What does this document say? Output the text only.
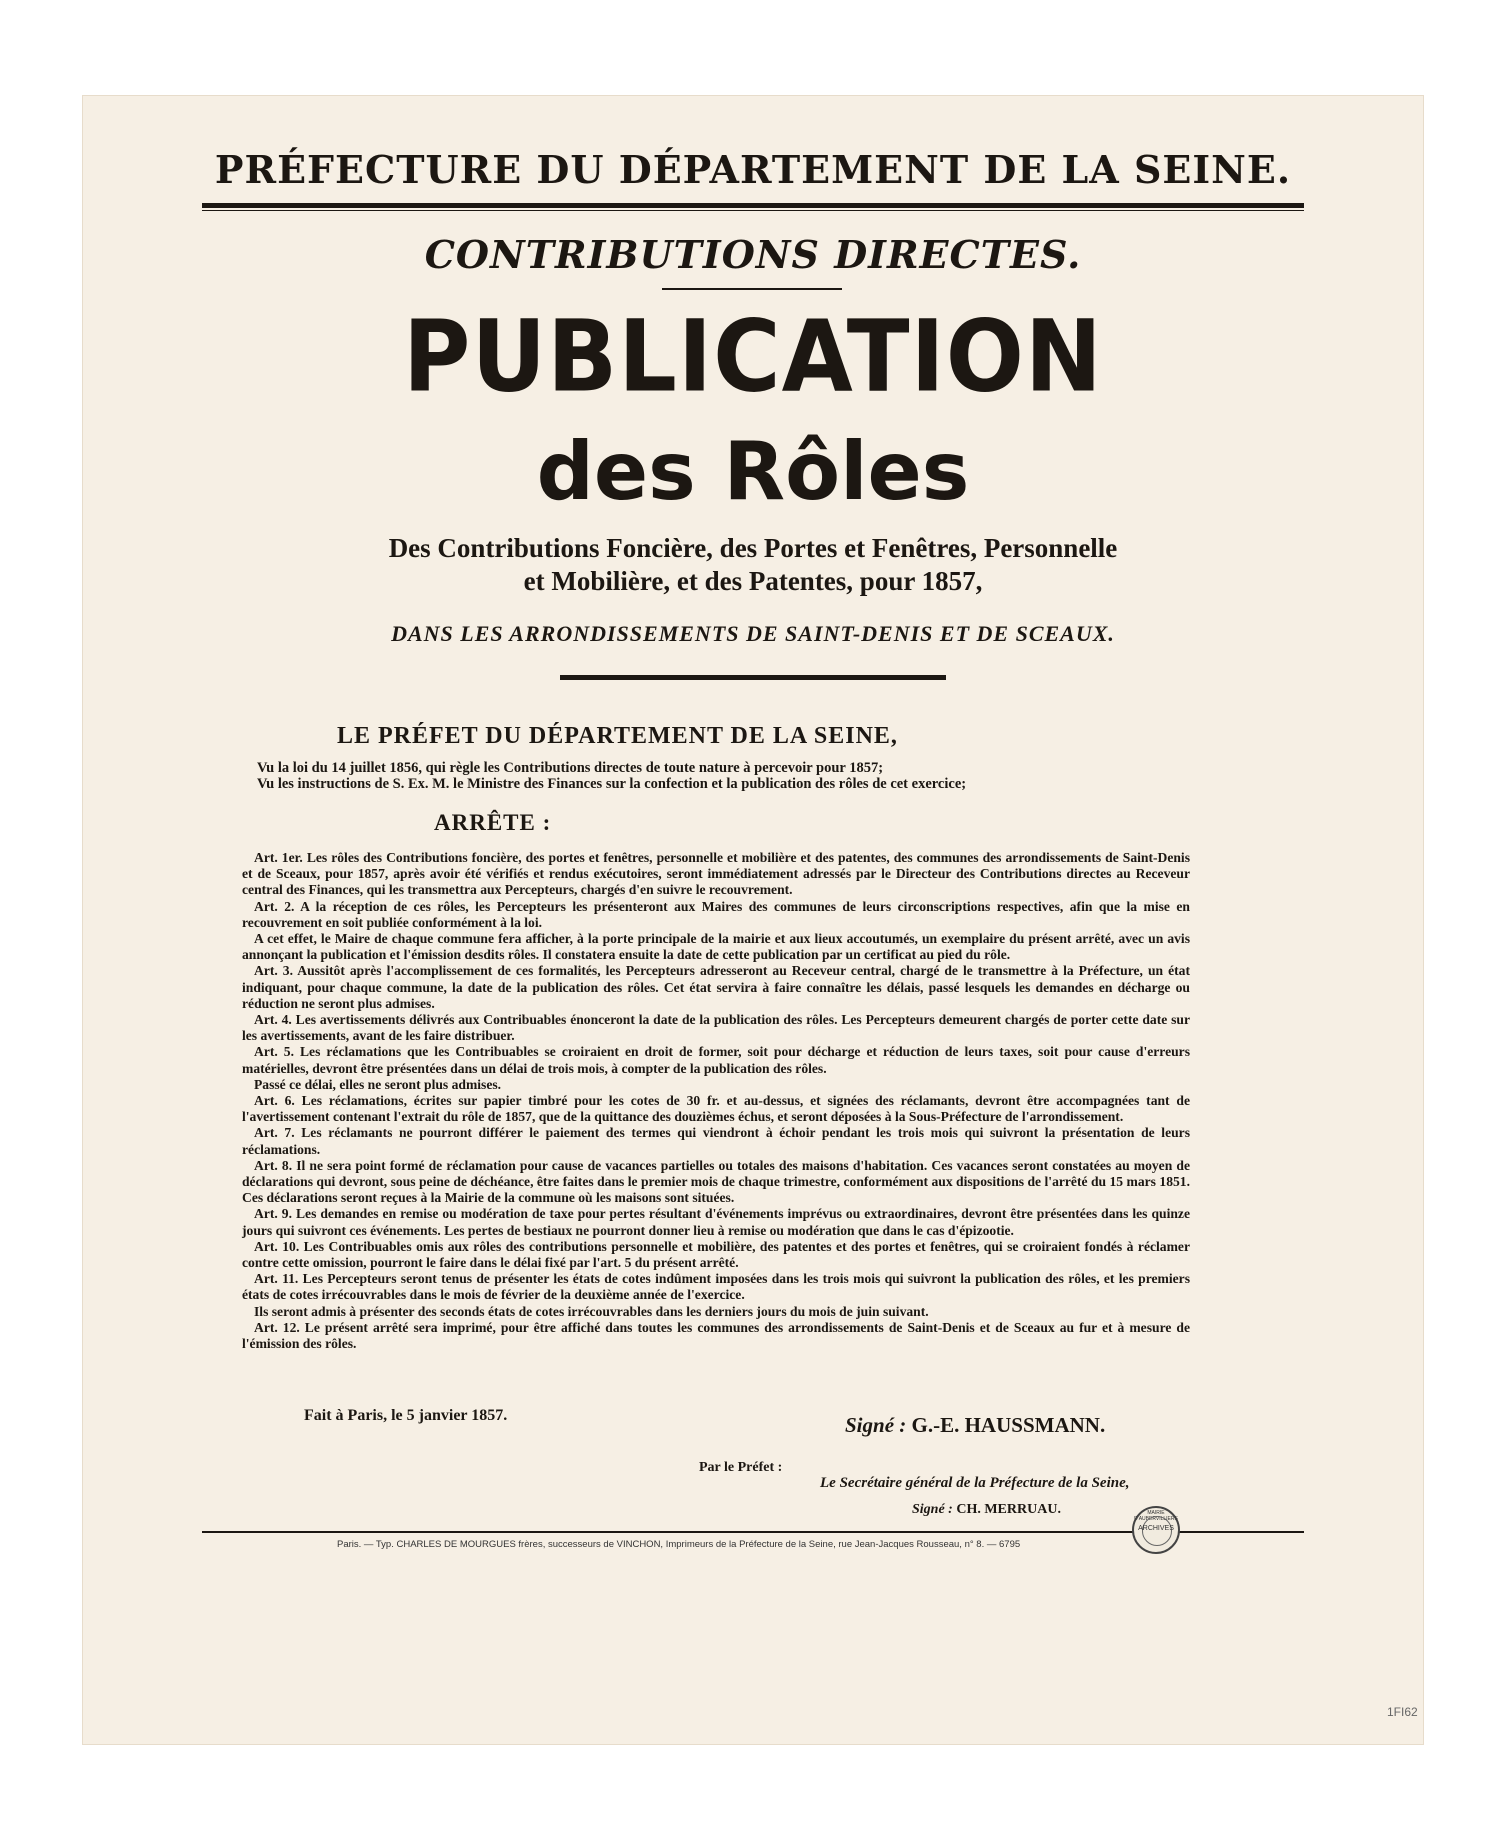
PRÉFECTURE DU DÉPARTEMENT DE LA SEINE.
CONTRIBUTIONS DIRECTES.
PUBLICATION
des Rôles
Des Contributions Foncière, des Portes et Fenêtres, Personnelle
et Mobilière, et des Patentes, pour 1857,
DANS LES ARRONDISSEMENTS DE SAINT-DENIS ET DE SCEAUX.
LE PRÉFET DU DÉPARTEMENT DE LA SEINE,
Vu la loi du 14 juillet 1856, qui règle les Contributions directes de toute nature à percevoir pour 1857;
Vu les instructions de S. Ex. M. le Ministre des Finances sur la confection et la publication des rôles de cet exercice;
ARRÊTE :

Art. 1er. Les rôles des Contributions foncière, des portes et fenêtres, personnelle et mobilière et des patentes, des communes des arrondissements de Saint-Denis et de Sceaux, pour 1857, après avoir été vérifiés et rendus exécutoires, seront immédiatement adressés par le Directeur des Contributions directes au Receveur central des Finances, qui les transmettra aux Percepteurs, chargés d'en suivre le recouvrement.

Art. 2. A la réception de ces rôles, les Percepteurs les présenteront aux Maires des communes de leurs circonscriptions respectives, afin que la mise en recouvrement en soit publiée conformément à la loi.

A cet effet, le Maire de chaque commune fera afficher, à la porte principale de la mairie et aux lieux accoutumés, un exemplaire du présent arrêté, avec un avis annonçant la publication et l'émission desdits rôles. Il constatera ensuite la date de cette publication par un certificat au pied du rôle.

Art. 3. Aussitôt après l'accomplissement de ces formalités, les Percepteurs adresseront au Receveur central, chargé de le transmettre à la Préfecture, un état indiquant, pour chaque commune, la date de la publication des rôles. Cet état servira à faire connaître les délais, passé lesquels les demandes en décharge ou réduction ne seront plus admises.

Art. 4. Les avertissements délivrés aux Contribuables énonceront la date de la publication des rôles. Les Percepteurs demeurent chargés de porter cette date sur les avertissements, avant de les faire distribuer.

Art. 5. Les réclamations que les Contribuables se croiraient en droit de former, soit pour décharge et réduction de leurs taxes, soit pour cause d'erreurs matérielles, devront être présentées dans un délai de trois mois, à compter de la publication des rôles.

Passé ce délai, elles ne seront plus admises.

Art. 6. Les réclamations, écrites sur papier timbré pour les cotes de 30 fr. et au-dessus, et signées des réclamants, devront être accompagnées tant de l'avertissement contenant l'extrait du rôle de 1857, que de la quittance des douzièmes échus, et seront déposées à la Sous-Préfecture de l'arrondissement.

Art. 7. Les réclamants ne pourront différer le paiement des termes qui viendront à échoir pendant les trois mois qui suivront la présentation de leurs réclamations.

Art. 8. Il ne sera point formé de réclamation pour cause de vacances partielles ou totales des maisons d'habitation. Ces vacances seront constatées au moyen de déclarations qui devront, sous peine de déchéance, être faites dans le premier mois de chaque trimestre, conformément aux dispositions de l'arrêté du 15 mars 1851. Ces déclarations seront reçues à la Mairie de la commune où les maisons sont situées.

Art. 9. Les demandes en remise ou modération de taxe pour pertes résultant d'événements imprévus ou extraordinaires, devront être présentées dans les quinze jours qui suivront ces événements. Les pertes de bestiaux ne pourront donner lieu à remise ou modération que dans le cas d'épizootie.

Art. 10. Les Contribuables omis aux rôles des contributions personnelle et mobilière, des patentes et des portes et fenêtres, qui se croiraient fondés à réclamer contre cette omission, pourront le faire dans le délai fixé par l'art. 5 du présent arrêté.

Art. 11. Les Percepteurs seront tenus de présenter les états de cotes indûment imposées dans les trois mois qui suivront la publication des rôles, et les premiers états de cotes irrécouvrables dans le mois de février de la deuxième année de l'exercice.

Ils seront admis à présenter des seconds états de cotes irrécouvrables dans les derniers jours du mois de juin suivant.

Art. 12. Le présent arrêté sera imprimé, pour être affiché dans toutes les communes des arrondissements de Saint-Denis et de Sceaux au fur et à mesure de l'émission des rôles.

Fait à Paris, le 5 janvier 1857.	Signé : G.-E. HAUSSMANN.
Par le Préfet :
Le Secrétaire général de la Préfecture de la Seine,
Signé : CH. MERRUAU.
Paris. — Typ. CHARLES DE MOURGUES frères, successeurs de VINCHON, Imprimeurs de la Préfecture de la Seine, rue Jean-Jacques Rousseau, n° 8. — 6795
MAIRIE D'AUBERVILLIERS
ARCHIVES
1FI62
